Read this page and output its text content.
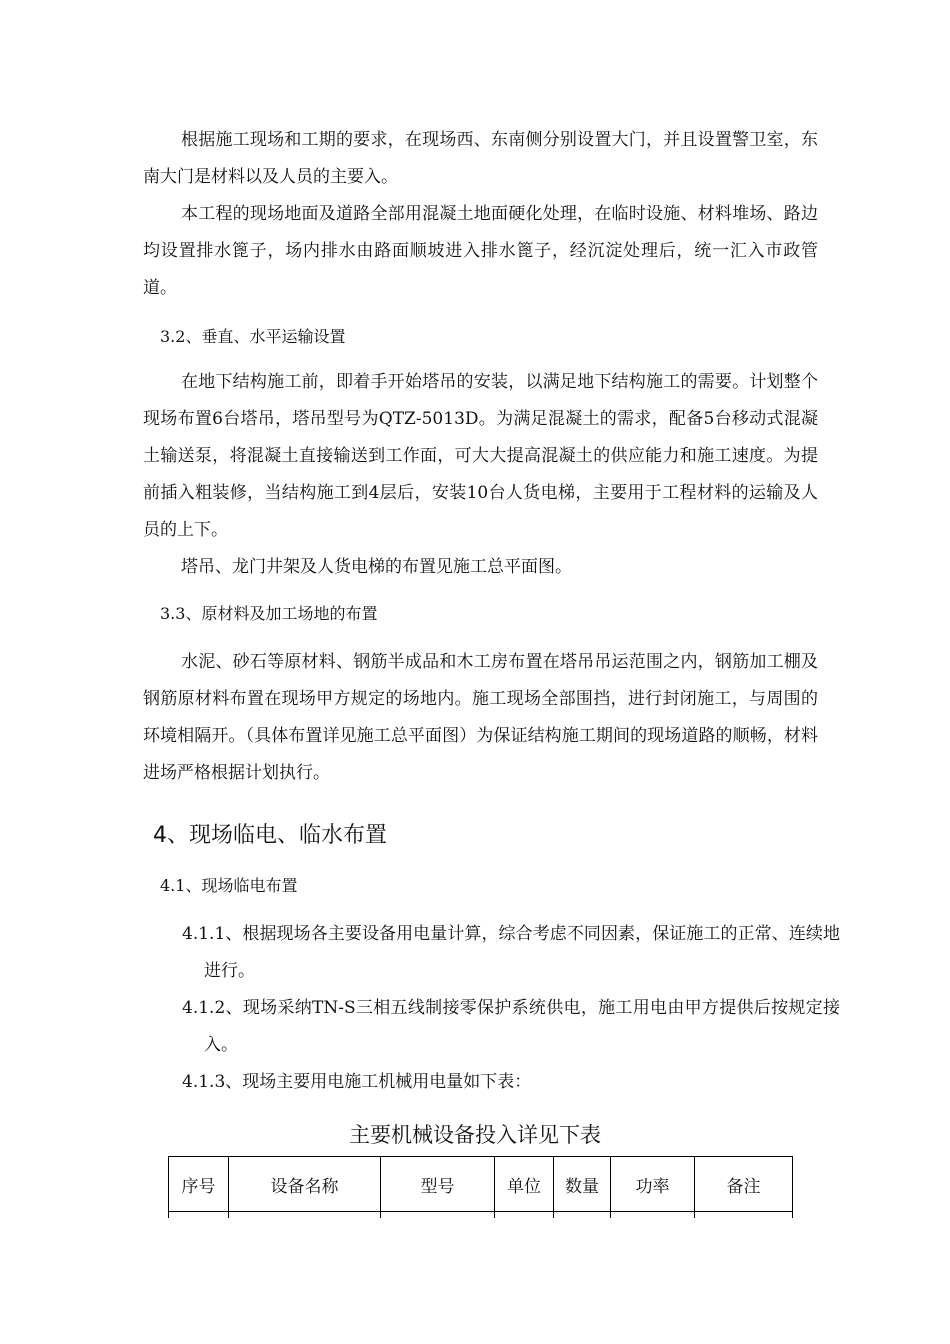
根据施工现场和工期的要求，在现场西、东南侧分别设置大门，并且设置警卫室，东南大门是材料以及人员的主要入。

本工程的现场地面及道路全部用混凝土地面硬化处理，在临时设施、材料堆场、路边均设置排水篦子，场内排水由路面顺坡进入排水篦子，经沉淀处理后，统一汇入市政管道。

3.2、垂直、水平运输设置

在地下结构施工前，即着手开始塔吊的安装，以满足地下结构施工的需要。计划整个现场布置6台塔吊，塔吊型号为QTZ-5013D。为满足混凝土的需求，配备5台移动式混凝土输送泵，将混凝土直接输送到工作面，可大大提高混凝土的供应能力和施工速度。为提前插入粗装修，当结构施工到4层后，安装10台人货电梯，主要用于工程材料的运输及人员的上下。

塔吊、龙门井架及人货电梯的布置见施工总平面图。

3.3、原材料及加工场地的布置

水泥、砂石等原材料、钢筋半成品和木工房布置在塔吊吊运范围之内，钢筋加工棚及钢筋原材料布置在现场甲方规定的场地内。施工现场全部围挡，进行封闭施工，与周围的环境相隔开。（具体布置详见施工总平面图）为保证结构施工期间的现场道路的顺畅，材料进场严格根据计划执行。

4、现场临电、临水布置

4.1、现场临电布置

4.1.1、根据现场各主要设备用电量计算，综合考虑不同因素，保证施工的正常、连续地进行。

4.1.2、现场采纳TN-S三相五线制接零保护系统供电，施工用电由甲方提供后按规定接入。

4.1.3、现场主要用电施工机械用电量如下表：

主要机械设备投入详见下表

序号	设备名称	型号	单位	数量	功率	备注
